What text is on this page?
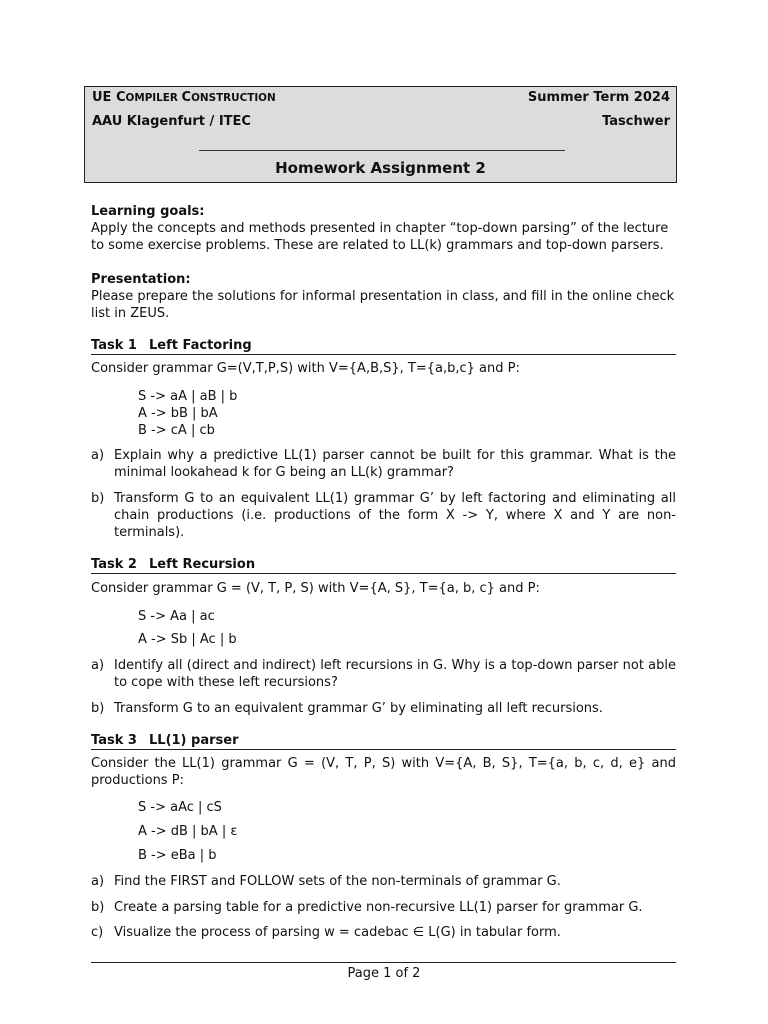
UE COMPILER CONSTRUCTION	Summer Term 2024
AAU Klagenfurt / ITEC	Taschwer
Homework Assignment 2
Learning goals:
Apply the concepts and methods presented in chapter “top-down parsing” of the lecture
to some exercise problems. These are related to LL(k) grammars and top-down parsers.
Presentation:
Please prepare the solutions for informal presentation in class, and fill in the online check
list in ZEUS.
Task 1 Left Factoring
Consider grammar G=(V,T,P,S) with V={A,B,S}, T={a,b,c} and P:
S -> aA | aB | b
A -> bB | bA
B -> cA | cb
a) Explain why a predictive LL(1) parser cannot be built for this grammar. What is the minimal lookahead k for G being an LL(k) grammar?
b) Transform G to an equivalent LL(1) grammar G’ by left factoring and eliminating all chain productions (i.e. productions of the form X -> Y, where X and Y are non-terminals).
Task 2 Left Recursion
Consider grammar G = (V, T, P, S) with V={A, S}, T={a, b, c} and P:
S -> Aa | ac
A -> Sb | Ac | b
a) Identify all (direct and indirect) left recursions in G. Why is a top-down parser not able to cope with these left recursions?
b) Transform G to an equivalent grammar G’ by eliminating all left recursions.
Task 3 LL(1) parser
Consider the LL(1) grammar G = (V, T, P, S) with V={A, B, S}, T={a, b, c, d, e} and productions P:
S -> aAc | cS
A -> dB | bA | ε
B -> eBa | b
a) Find the FIRST and FOLLOW sets of the non-terminals of grammar G.
b) Create a parsing table for a predictive non-recursive LL(1) parser for grammar G.
c) Visualize the process of parsing w = cadebac ∈ L(G) in tabular form.
Page 1 of 2
